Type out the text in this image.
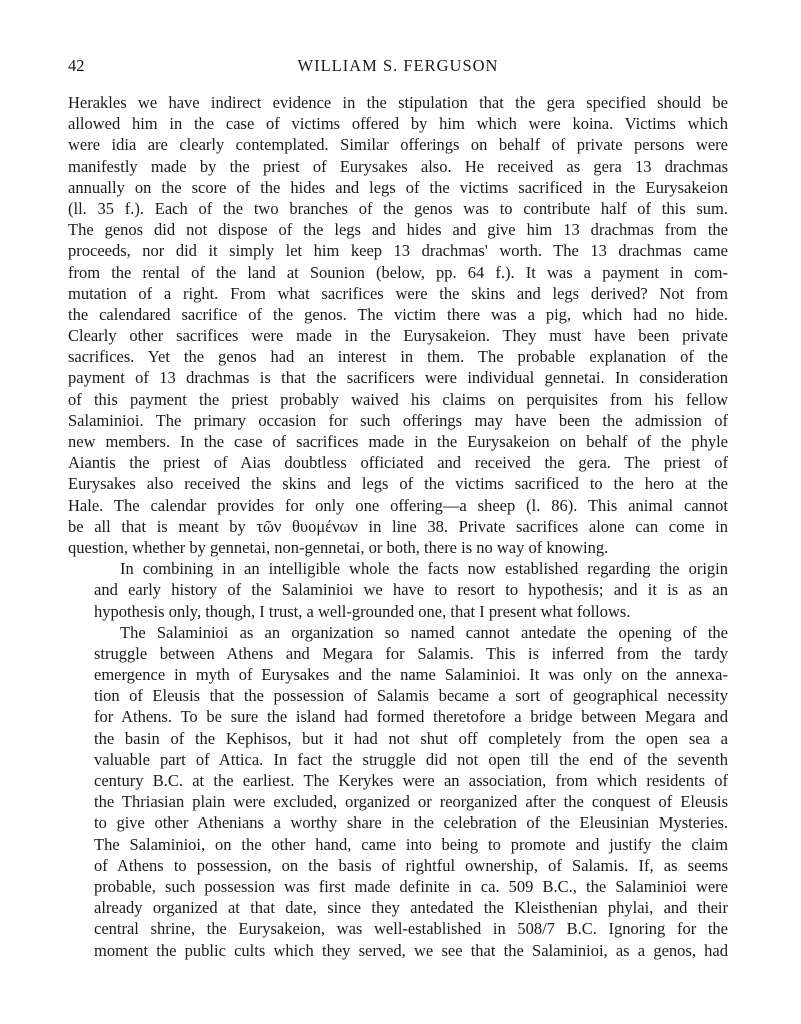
42	WILLIAM S. FERGUSON
Herakles we have indirect evidence in the stipulation that the gera specified should be
allowed him in the case of victims offered by him which were koina. Victims which
were idia are clearly contemplated. Similar offerings on behalf of private persons were
manifestly made by the priest of Eurysakes also. He received as gera 13 drachmas
annually on the score of the hides and legs of the victims sacrificed in the Eurysakeion
(ll. 35 f.). Each of the two branches of the genos was to contribute half of this sum.
The genos did not dispose of the legs and hides and give him 13 drachmas from the
proceeds, nor did it simply let him keep 13 drachmas' worth. The 13 drachmas came
from the rental of the land at Sounion (below, pp. 64 f.). It was a payment in com-
mutation of a right. From what sacrifices were the skins and legs derived? Not from
the calendared sacrifice of the genos. The victim there was a pig, which had no hide.
Clearly other sacrifices were made in the Eurysakeion. They must have been private
sacrifices. Yet the genos had an interest in them. The probable explanation of the
payment of 13 drachmas is that the sacrificers were individual gennetai. In consideration
of this payment the priest probably waived his claims on perquisites from his fellow
Salaminioi. The primary occasion for such offerings may have been the admission of
new members. In the case of sacrifices made in the Eurysakeion on behalf of the phyle
Aiantis the priest of Aias doubtless officiated and received the gera. The priest of
Eurysakes also received the skins and legs of the victims sacrificed to the hero at the
Hale. The calendar provides for only one offering—a sheep (l. 86). This animal cannot
be all that is meant by τῶν θυομένων in line 38. Private sacrifices alone can come in
question, whether by gennetai, non-gennetai, or both, there is no way of knowing.
In combining in an intelligible whole the facts now established regarding the origin
and early history of the Salaminioi we have to resort to hypothesis; and it is as an
hypothesis only, though, I trust, a well-grounded one, that I present what follows.
The Salaminioi as an organization so named cannot antedate the opening of the
struggle between Athens and Megara for Salamis. This is inferred from the tardy
emergence in myth of Eurysakes and the name Salaminioi. It was only on the annexa-
tion of Eleusis that the possession of Salamis became a sort of geographical necessity
for Athens. To be sure the island had formed theretofore a bridge between Megara and
the basin of the Kephisos, but it had not shut off completely from the open sea a
valuable part of Attica. In fact the struggle did not open till the end of the seventh
century B.C. at the earliest. The Kerykes were an association, from which residents of
the Thriasian plain were excluded, organized or reorganized after the conquest of Eleusis
to give other Athenians a worthy share in the celebration of the Eleusinian Mysteries.
The Salaminioi, on the other hand, came into being to promote and justify the claim
of Athens to possession, on the basis of rightful ownership, of Salamis. If, as seems
probable, such possession was first made definite in ca. 509 B.C., the Salaminioi were
already organized at that date, since they antedated the Kleisthenian phylai, and their
central shrine, the Eurysakeion, was well-established in 508/7 B.C. Ignoring for the
moment the public cults which they served, we see that the Salaminioi, as a genos, had
